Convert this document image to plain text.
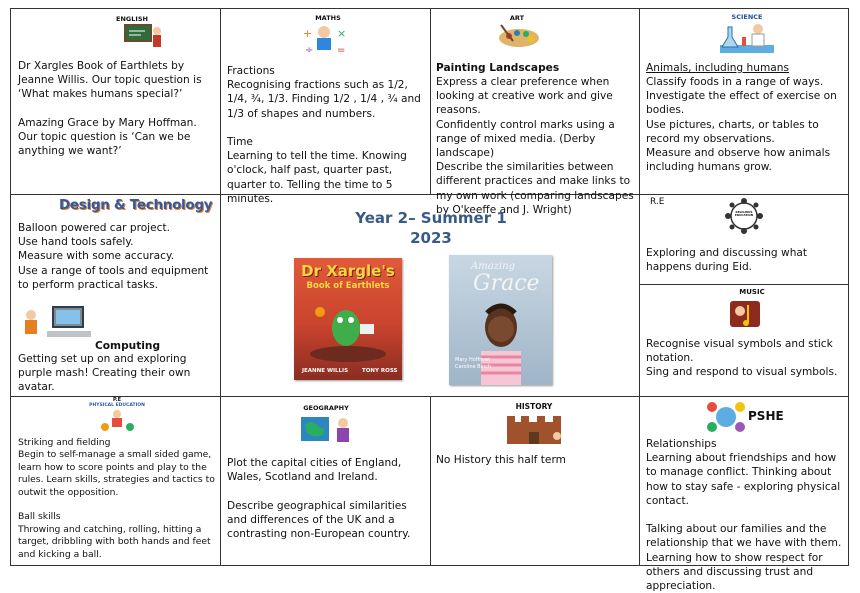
ENGLISH
Dr Xargles Book of Earthlets by Jeanne Willis. Our topic question is ‘What makes humans special?’

Amazing Grace by Mary Hoffman. Our topic question is ‘Can we be anything we want?’
MATHS
+ ×
÷ =
Fractions
Recognising fractions such as 1/2, 1/4, ¾, 1/3. Finding 1/2 , 1/4 , ¾ and 1/3 of shapes and numbers.

Time
Learning to tell the time. Knowing o'clock, half past, quarter past, quarter to. Telling the time to 5 minutes.
ART
Painting Landscapes
Express a clear preference when looking at creative work and give reasons.
Confidently control marks using a range of mixed media. (Derby landscape)
Describe the similarities between different practices and make links to my own work (comparing landscapes by O'keeffe and J. Wright)
SCIENCE
Animals, including humans
Classify foods in a range of ways.
Investigate the effect of exercise on bodies.
Use pictures, charts, or tables to record my observations.
Measure and observe how animals including humans grow.
Design & Technology
Balloon powered car project.
Use hand tools safely.
Measure with some accuracy.
Use a range of tools and equipment to perform practical tasks.
Computing
Getting set up on and exploring purple mash! Creating their own avatar.
Year 2– Summer 1
2023
Dr Xargle's
Book of Earthlets
JEANNE WILLIS	TONY ROSS
Amazing
Grace
Mary Hoffman
Caroline Binch
R.E
RELIGIOUS EDUCATION
Exploring and discussing what happens during Eid.
MUSIC
Recognise visual symbols and stick notation.
Sing and respond to visual symbols.
P.E
PHYSICAL EDUCATION
Striking and fielding
Begin to self-manage a small sided game, learn how to score points and play to the rules. Learn skills, strategies and tactics to outwit the opposition.

Ball skills
Throwing and catching, rolling, hitting a target, dribbling with both hands and feet and kicking a ball.
GEOGRAPHY
Plot the capital cities of England, Wales, Scotland and Ireland.

Describe geographical similarities and differences of the UK and a contrasting non-European country.
HISTORY
No History this half term
PSHE
Relationships
Learning about friendships and how to manage conflict. Thinking about how to stay safe - exploring physical contact.

Talking about our families and the relationship that we have with them. Learning how to show respect for others and discussing trust and appreciation.
